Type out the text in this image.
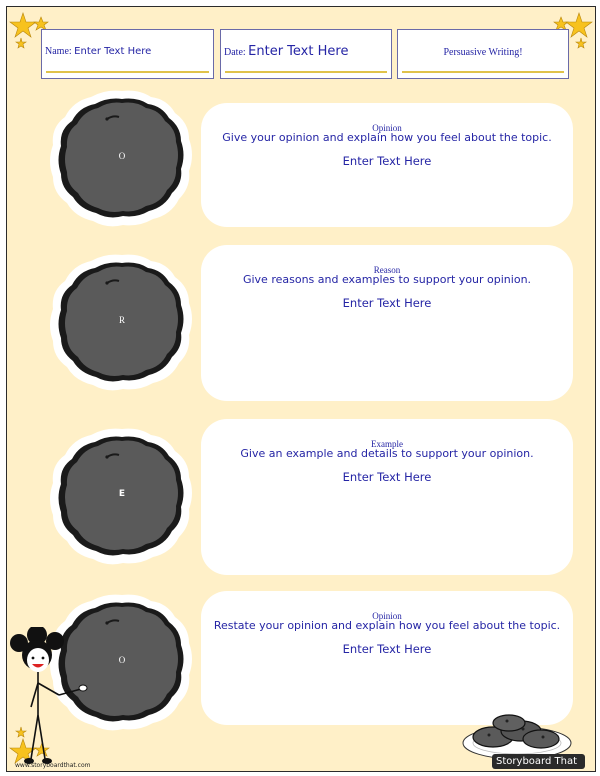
Name: Enter Text Here	Date: Enter Text Here	Persuasive Writing!
O
R
E
O
Opinion
Give your opinion and explain how you feel about the topic.
Enter Text Here
Reason
Give reasons and examples to support your opinion.
Enter Text Here
Example
Give an example and details to support your opinion.
Enter Text Here
Opinion
Restate your opinion and explain how you feel about the topic.
Enter Text Here
www.storyboardthat.com	Storyboard That
